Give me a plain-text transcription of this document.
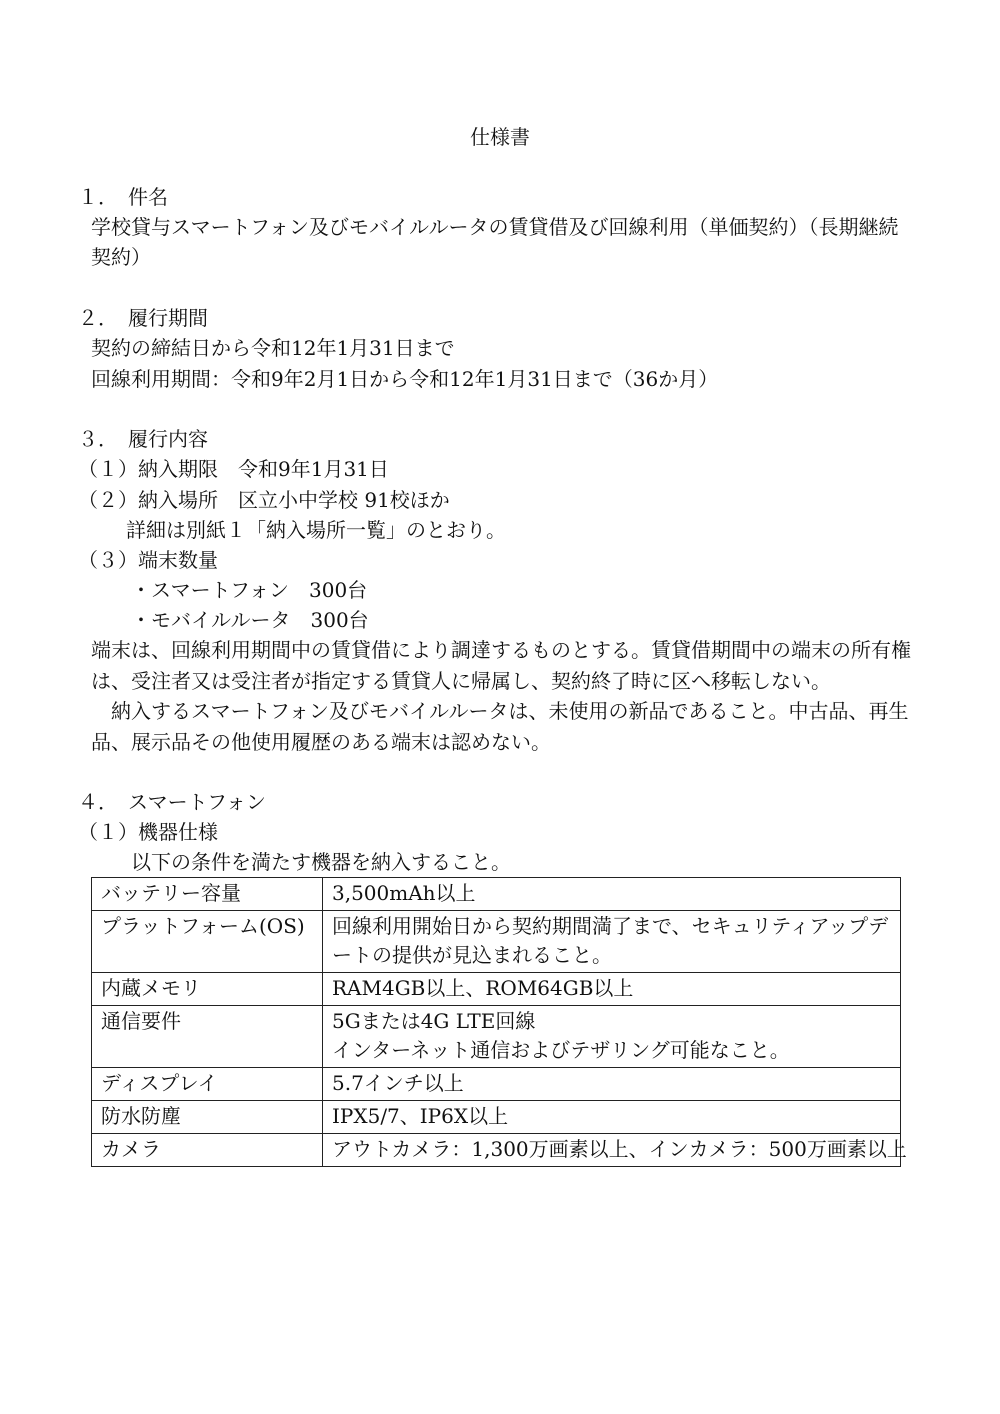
仕様書
１．　件名
学校貸与スマートフォン及びモバイルルータの賃貸借及び回線利用（単価契約）（長期継続
契約）
２．　履行期間
契約の締結日から令和12年1月31日まで
回線利用期間：令和9年2月1日から令和12年1月31日まで（36か月）
３．　履行内容
（１）納入期限　令和9年1月31日
（２）納入場所　区立小中学校 91校ほか
詳細は別紙１「納入場所一覧」のとおり。
（３）端末数量
・スマートフォン　300台
・モバイルルータ　300台
端末は、回線利用期間中の賃貸借により調達するものとする。賃貸借期間中の端末の所有権
は、受注者又は受注者が指定する賃貸人に帰属し、契約終了時に区へ移転しない。
　納入するスマートフォン及びモバイルルータは、未使用の新品であること。中古品、再生
品、展示品その他使用履歴のある端末は認めない。
４．　スマートフォン
（１）機器仕様
以下の条件を満たす機器を納入すること。
バッテリー容量	3,500mAh以上

プラットフォーム(OS)	回線利用開始日から契約期間満了まで、セキュリティアップデ
ートの提供が見込まれること。

内蔵メモリ	RAM4GB以上、ROM64GB以上

通信要件	5Gまたは4G LTE回線
インターネット通信およびテザリング可能なこと。

ディスプレイ	5.7インチ以上

防水防塵	IPX5/7、IP6X以上

カメラ	アウトカメラ：1,300万画素以上、インカメラ：500万画素以上
